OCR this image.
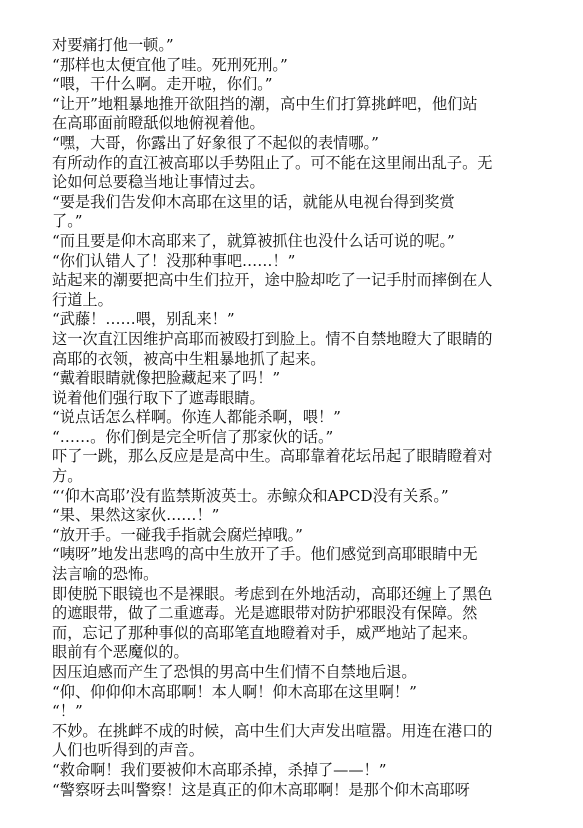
对要痛打他一顿。”
“那样也太便宜他了哇。死刑死刑。”
“喂，干什么啊。走开啦，你们。”
“让开”地粗暴地推开欲阻挡的潮，高中生们打算挑衅吧，他们站
在高耶面前瞪舐似地俯视着他。
“嘿，大哥，你露出了好象很了不起似的表情哪。”
有所动作的直江被高耶以手势阻止了。可不能在这里闹出乱子。无
论如何总要稳当地让事情过去。
“要是我们告发仰木高耶在这里的话，就能从电视台得到奖赏
了。”
“而且要是仰木高耶来了，就算被抓住也没什么话可说的呢。”
“你们认错人了！没那种事吧……！”
站起来的潮要把高中生们拉开，途中脸却吃了一记手肘而摔倒在人
行道上。
“武藤！……喂，别乱来！”
这一次直江因维护高耶而被殴打到脸上。情不自禁地瞪大了眼睛的
高耶的衣领，被高中生粗暴地抓了起来。
“戴着眼睛就像把脸藏起来了吗！”
说着他们强行取下了遮毒眼睛。
“说点话怎么样啊。你连人都能杀啊，喂！”
“……。你们倒是完全听信了那家伙的话。”
吓了一跳，那么反应是是高中生。高耶靠着花坛吊起了眼睛瞪着对
方。
“‘仰木高耶’没有监禁斯波英士。赤鲸众和APCD没有关系。”
“果、果然这家伙……！”
“放开手。一碰我手指就会腐烂掉哦。”
“咦呀”地发出悲鸣的高中生放开了手。他们感觉到高耶眼睛中无
法言喻的恐怖。
即使脱下眼镜也不是裸眼。考虑到在外地活动，高耶还缠上了黑色
的遮眼带，做了二重遮毒。光是遮眼带对防护邪眼没有保障。然
而，忘记了那种事似的高耶笔直地瞪着对手，威严地站了起来。
眼前有个恶魔似的。
因压迫感而产生了恐惧的男高中生们情不自禁地后退。
“仰、仰仰仰木高耶啊！本人啊！仰木高耶在这里啊！”
“！”
不妙。在挑衅不成的时候，高中生们大声发出喧嚣。用连在港口的
人们也听得到的声音。
“救命啊！我们要被仰木高耶杀掉，杀掉了——！”
“警察呀去叫警察！这是真正的仰木高耶啊！是那个仰木高耶呀
